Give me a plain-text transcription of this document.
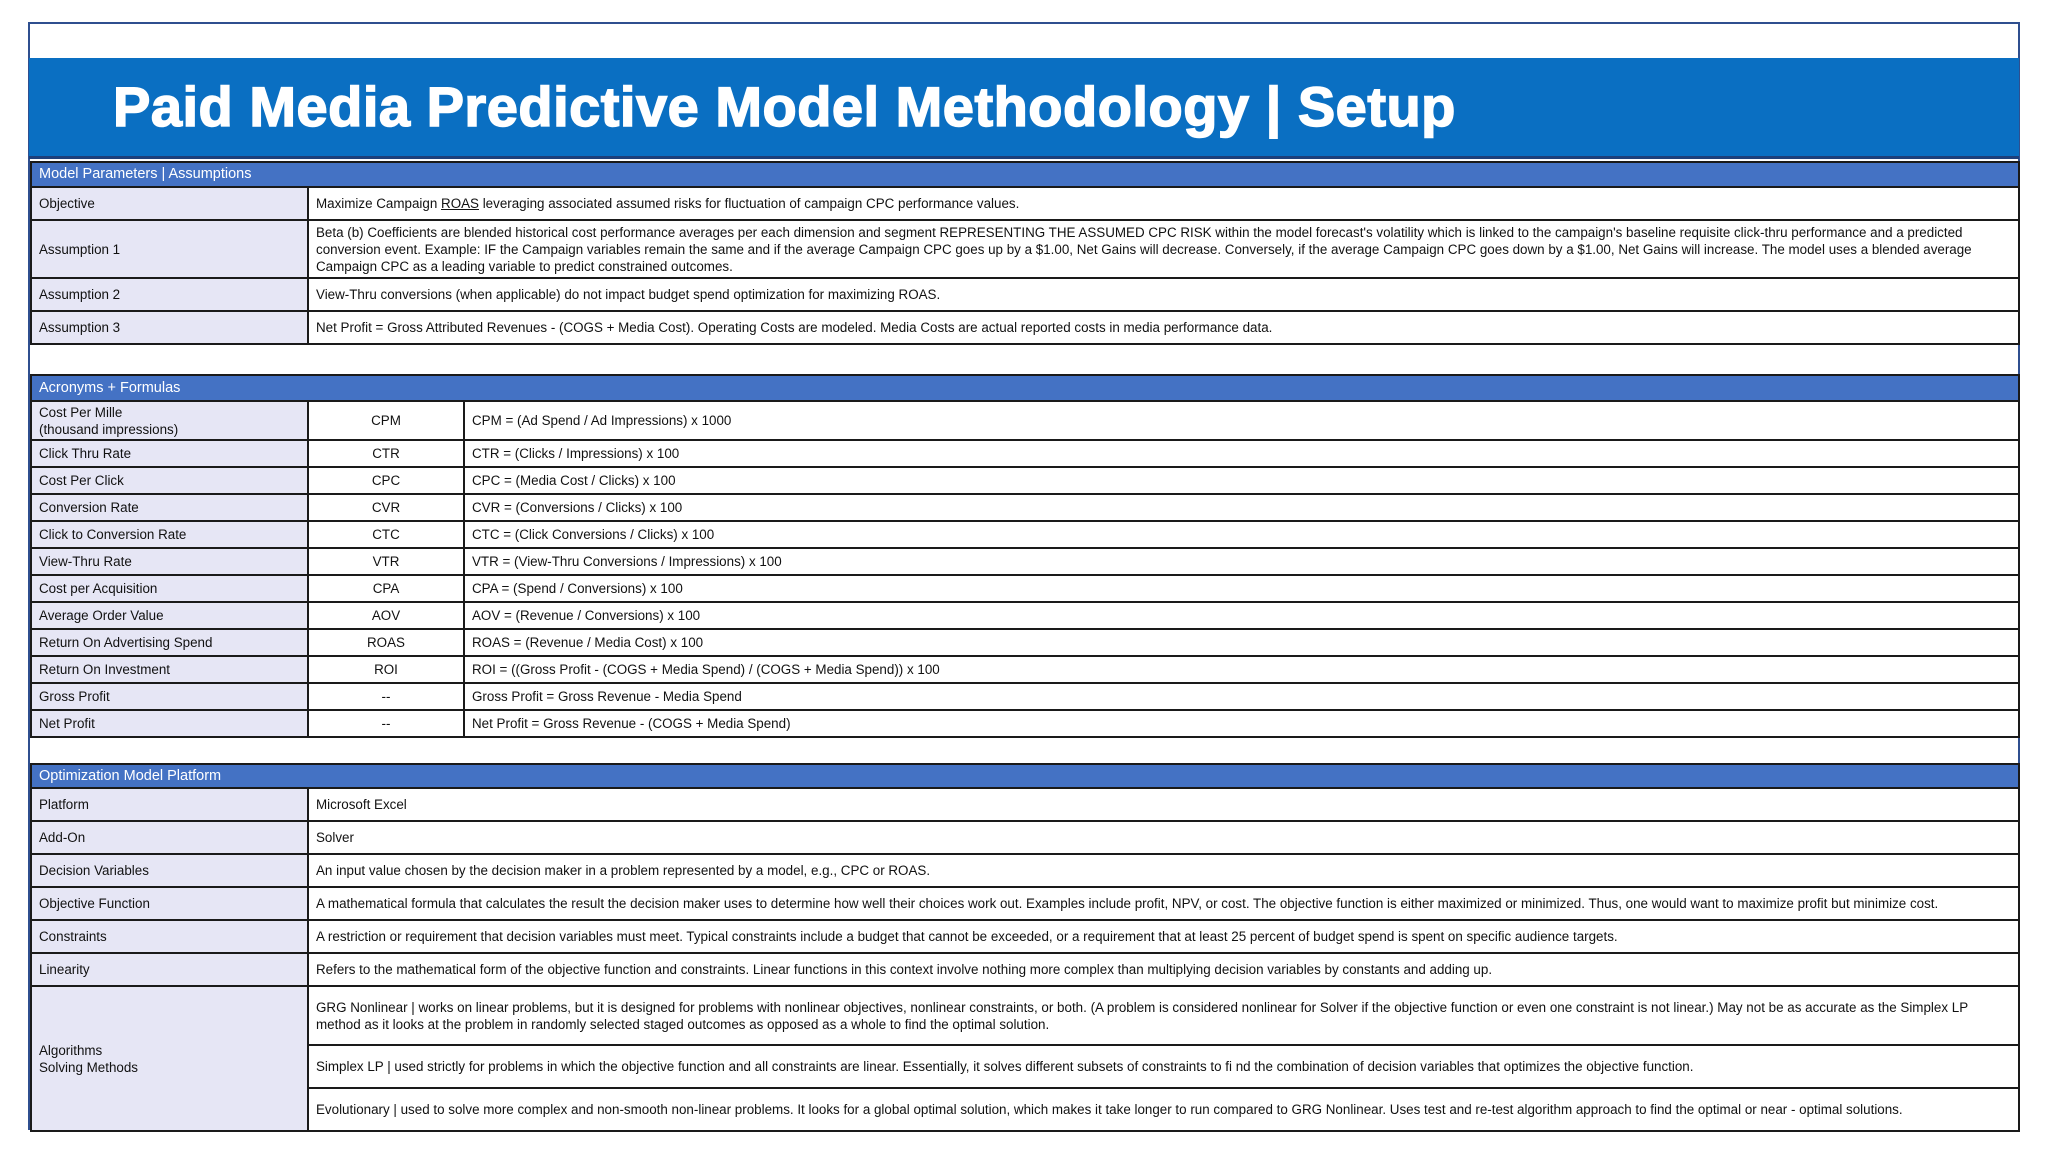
Paid Media Predictive Model Methodology | Setup
Model Parameters | Assumptions	
Objective	Maximize Campaign ROAS leveraging associated assumed risks for fluctuation of campaign CPC performance values.
Assumption 1	Beta (b) Coefficients are blended historical cost performance averages per each dimension and segment REPRESENTING THE ASSUMED CPC RISK within the model forecast's volatility which is linked to the campaign's baseline requisite click-thru performance and a predicted conversion event. Example: IF the Campaign variables remain the same and if the average Campaign CPC goes up by a $1.00, Net Gains will decrease. Conversely, if the average Campaign CPC goes down by a $1.00, Net Gains will increase. The model uses a blended average Campaign CPC as a leading variable to predict constrained outcomes.
Assumption 2	View-Thru conversions (when applicable) do not impact budget spend optimization for maximizing ROAS.
Assumption 3	Net Profit = Gross Attributed Revenues - (COGS + Media Cost). Operating Costs are modeled. Media Costs are actual reported costs in media performance data.
Acronyms + Formulas		

Cost Per Mille
(thousand impressions)	CPM	CPM = (Ad Spend / Ad Impressions) x 1000
Click Thru Rate	CTR	CTR = (Clicks / Impressions) x 100
Cost Per Click	CPC	CPC = (Media Cost / Clicks) x 100
Conversion Rate	CVR	CVR = (Conversions / Clicks) x 100
Click to Conversion Rate	CTC	CTC = (Click Conversions / Clicks) x 100
View-Thru Rate	VTR	VTR = (View-Thru Conversions / Impressions) x 100
Cost per Acquisition	CPA	CPA = (Spend / Conversions) x 100
Average Order Value	AOV	AOV = (Revenue / Conversions) x 100
Return On Advertising Spend	ROAS	ROAS = (Revenue / Media Cost) x 100
Return On Investment	ROI	ROI = ((Gross Profit - (COGS + Media Spend) / (COGS + Media Spend)) x 100
Gross Profit	--	Gross Profit = Gross Revenue - Media Spend
Net Profit	--	Net Profit = Gross Revenue - (COGS + Media Spend)
Optimization Model Platform	
Platform	Microsoft Excel
Add-On	Solver
Decision Variables	An input value chosen by the decision maker in a problem represented by a model, e.g., CPC or ROAS.
Objective Function	A mathematical formula that calculates the result the decision maker uses to determine how well their choices work out. Examples include profit, NPV, or cost. The objective function is either maximized or minimized. Thus, one would want to maximize profit but minimize cost.
Constraints	A restriction or requirement that decision variables must meet. Typical constraints include a budget that cannot be exceeded, or a requirement that at least 25 percent of budget spend is spent on specific audience targets.
Linearity	Refers to the mathematical form of the objective function and constraints. Linear functions in this context involve nothing more complex than multiplying decision variables by constants and adding up.

Algorithms
Solving Methods	GRG Nonlinear | works on linear problems, but it is designed for problems with nonlinear objectives, nonlinear constraints, or both. (A problem is considered nonlinear for Solver if the objective function or even one constraint is not linear.) May not be as accurate as the Simplex LP method as it looks at the problem in randomly selected staged outcomes as opposed as a whole to find the optimal solution.
	Simplex LP | used strictly for problems in which the objective function and all constraints are linear. Essentially, it solves different subsets of constraints to fi nd the combination of decision variables that optimizes the objective function.
	Evolutionary | used to solve more complex and non-smooth non-linear problems. It looks for a global optimal solution, which makes it take longer to run compared to GRG Nonlinear. Uses test and re-test algorithm approach to find the optimal or near - optimal solutions.
